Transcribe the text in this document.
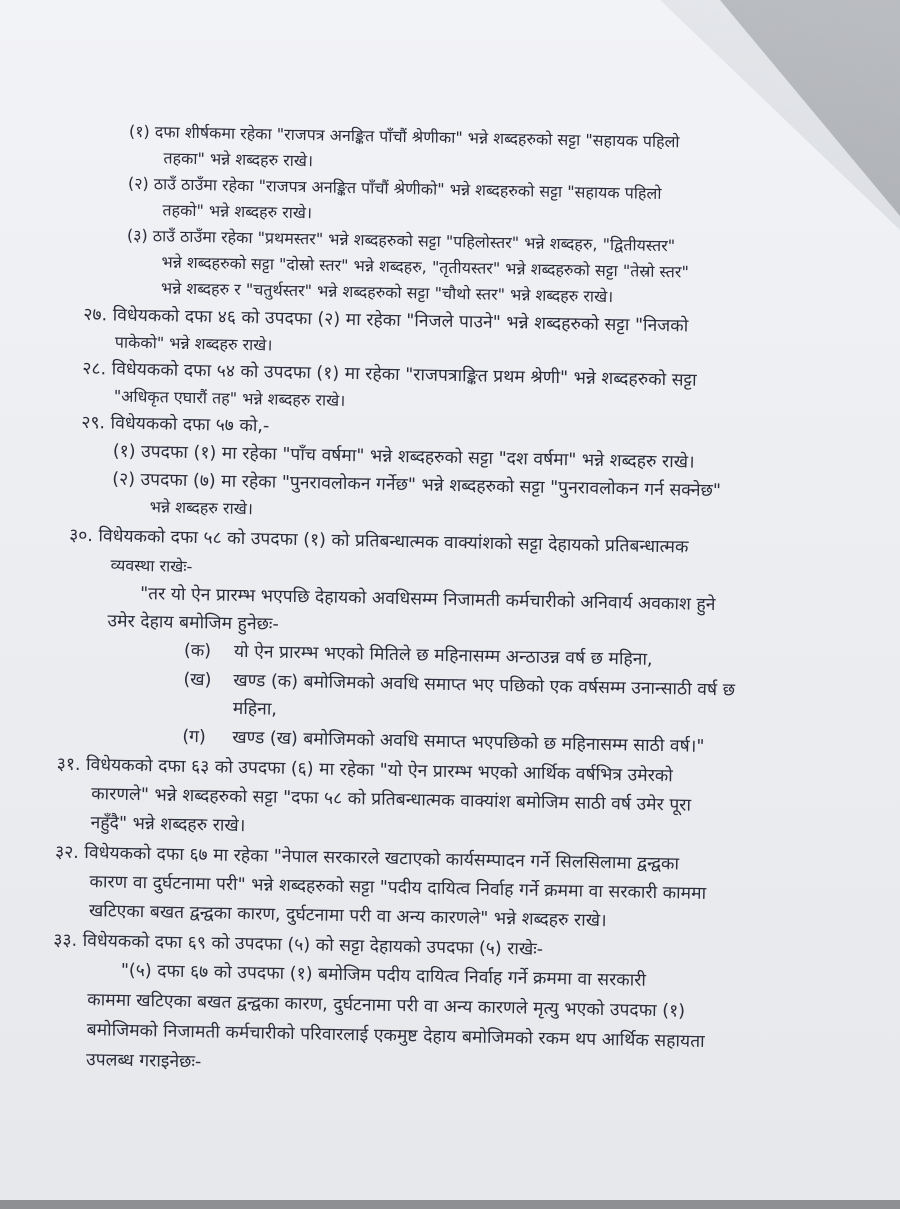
(१) दफा शीर्षकमा रहेका "राजपत्र अनङ्कित पाँचौं श्रेणीका" भन्ने शब्दहरुको सट्टा "सहायक पहिलो
तहका" भन्ने शब्दहरु राखे।
(२) ठाउँ ठाउँमा रहेका "राजपत्र अनङ्कित पाँचौं श्रेणीको" भन्ने शब्दहरुको सट्टा "सहायक पहिलो
तहको" भन्ने शब्दहरु राखे।
(३) ठाउँ ठाउँमा रहेका "प्रथमस्तर" भन्ने शब्दहरुको सट्टा "पहिलोस्तर" भन्ने शब्दहरु, "द्वितीयस्तर"
भन्ने शब्दहरुको सट्टा "दोस्रो स्तर" भन्ने शब्दहरु, "तृतीयस्तर" भन्ने शब्दहरुको सट्टा "तेस्रो स्तर"
भन्ने शब्दहरु र "चतुर्थस्तर" भन्ने शब्दहरुको सट्टा "चौथो स्तर" भन्ने शब्दहरु राखे।
२७. विधेयकको दफा ४६ को उपदफा (२) मा रहेका "निजले पाउने" भन्ने शब्दहरुको सट्टा "निजको
पाकेको" भन्ने शब्दहरु राखे।
२८. विधेयकको दफा ५४ को उपदफा (१) मा रहेका "राजपत्राङ्कित प्रथम श्रेणी" भन्ने शब्दहरुको सट्टा
"अधिकृत एघारौं तह" भन्ने शब्दहरु राखे।
२९. विधेयकको दफा ५७ को,-
(१) उपदफा (१) मा रहेका "पाँच वर्षमा" भन्ने शब्दहरुको सट्टा "दश वर्षमा" भन्ने शब्दहरु राखे।
(२) उपदफा (७) मा रहेका "पुनरावलोकन गर्नेछ" भन्ने शब्दहरुको सट्टा "पुनरावलोकन गर्न सक्नेछ"
भन्ने शब्दहरु राखे।
३०. विधेयकको दफा ५८ को उपदफा (१) को प्रतिबन्धात्मक वाक्यांशको सट्टा देहायको प्रतिबन्धात्मक
व्यवस्था राखेः-
"तर यो ऐन प्रारम्भ भएपछि देहायको अवधिसम्म निजामती कर्मचारीको अनिवार्य अवकाश हुने
उमेर देहाय बमोजिम हुनेछः-
(क) यो ऐन प्रारम्भ भएको मितिले छ महिनासम्म अन्ठाउन्न वर्ष छ महिना,
(ख) खण्ड (क) बमोजिमको अवधि समाप्त भए पछिको एक वर्षसम्म उनान्साठी वर्ष छ
महिना,
(ग) खण्ड (ख) बमोजिमको अवधि समाप्त भएपछिको छ महिनासम्म साठी वर्ष।"
३१. विधेयकको दफा ६३ को उपदफा (६) मा रहेका "यो ऐन प्रारम्भ भएको आर्थिक वर्षभित्र उमेरको
कारणले" भन्ने शब्दहरुको सट्टा "दफा ५८ को प्रतिबन्धात्मक वाक्यांश बमोजिम साठी वर्ष उमेर पूरा
नहुँदै" भन्ने शब्दहरु राखे।
३२. विधेयकको दफा ६७ मा रहेका "नेपाल सरकारले खटाएको कार्यसम्पादन गर्ने सिलसिलामा द्वन्द्वका
कारण वा दुर्घटनामा परी" भन्ने शब्दहरुको सट्टा "पदीय दायित्व निर्वाह गर्ने क्रममा वा सरकारी काममा
खटिएका बखत द्वन्द्वका कारण, दुर्घटनामा परी वा अन्य कारणले" भन्ने शब्दहरु राखे।
३३. विधेयकको दफा ६९ को उपदफा (५) को सट्टा देहायको उपदफा (५) राखेः-
"(५) दफा ६७ को उपदफा (१) बमोजिम पदीय दायित्व निर्वाह गर्ने क्रममा वा सरकारी
काममा खटिएका बखत द्वन्द्वका कारण, दुर्घटनामा परी वा अन्य कारणले मृत्यु भएको उपदफा (१)
बमोजिमको निजामती कर्मचारीको परिवारलाई एकमुष्ट देहाय बमोजिमको रकम थप आर्थिक सहायता
उपलब्ध गराइनेछः-
